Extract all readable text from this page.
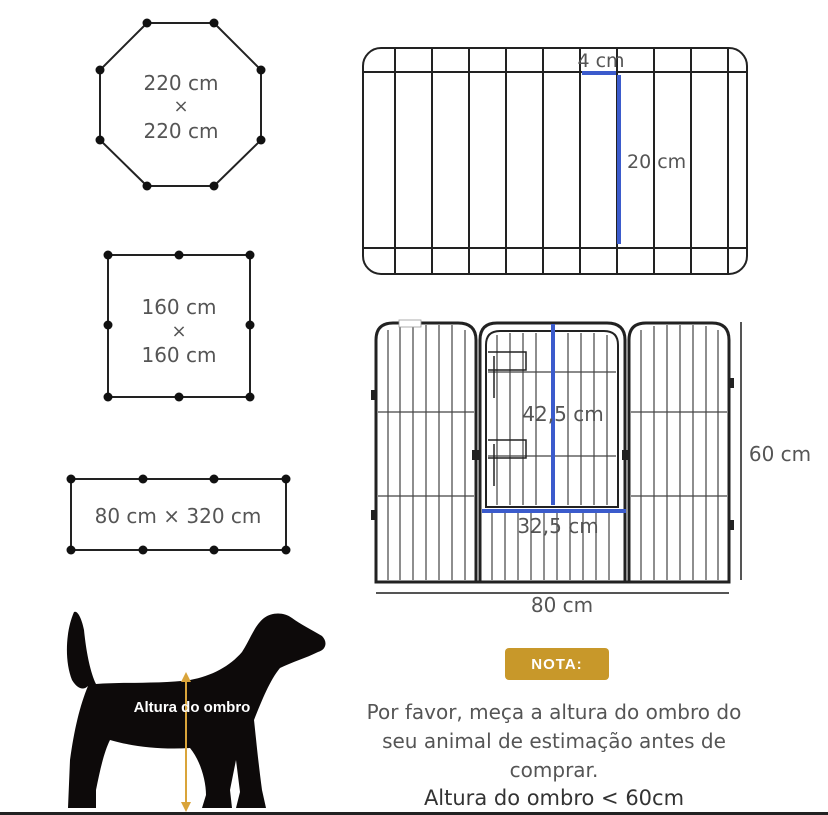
220 cm
×
220 cm
160 cm
×
160 cm
80 cm × 320 cm
4 cm
20 cm
42,5 cm
32,5 cm
60 cm
80 cm
Altura do ombro
NOTA:
Por favor, meça a altura do ombro do seu animal de estimação antes de comprar.
Altura do ombro < 60cm
